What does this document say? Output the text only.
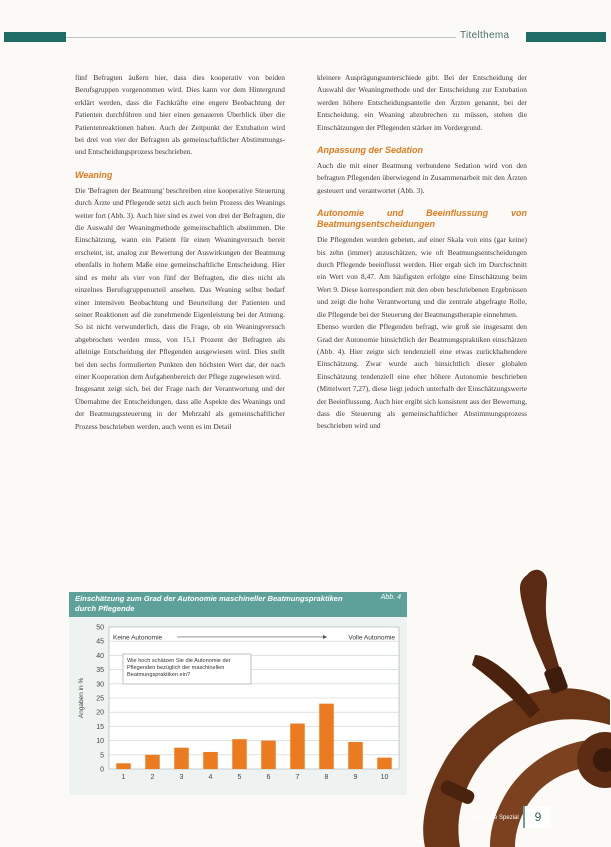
Titelthema

fünf Befragten äußern hier, dass dies kooperativ von beiden Berufsgruppen vorgenommen wird. Dies kann vor dem Hintergrund erklärt werden, dass die Fachkräfte eine engere Beobachtung der Patienten durchführen und hier einen genaueren Überblick über die Patientenreaktionen haben. Auch der Zeitpunkt der Extubation wird bei drei von vier der Befragten als gemeinschaftlicher Abstimmungs- und Entscheidungsprozess beschrieben.

Weaning

Die 'Befragten der Beatmung' beschreiben eine kooperative Steuerung durch Ärzte und Pflegende setzt sich auch beim Prozess des Weanings weiter fort (Abb. 3). Auch hier sind es zwei von drei der Befragten, die die Auswahl der Weaningmethode gemeinschaftlich abstimmen. Die Einschätzung, wann ein Patient für einen Weaningversuch bereit erscheint, ist, analog zur Bewertung der Auswirkungen der Beatmung ebenfalls in hohem Maße eine gemeinschaftliche Entscheidung. Hier sind es mehr als vier von fünf der Befragten, die dies nicht als einzelnes Berufsgruppenurteil ansehen. Das Weaning selbst bedarf einer intensiven Beobachtung und Beurteilung der Patienten und seiner Reaktionen auf die zunehmende Eigenleistung bei der Atmung. So ist nicht verwunderlich, dass die Frage, ob ein Weaningversuch abgebrochen werden muss, von 15,1 Prozent der Befragten als alleinige Entscheidung der Pflegenden ausgewiesen wird. Dies stellt bei den sechs formulierten Punkten den höchsten Wert dar, der nach einer Kooperation dem Aufgabenbereich der Pflege zugewiesen wird.

Insgesamt zeigt sich, bei der Frage nach der Verantwortung und der Übernahme der Entscheidungen, dass alle Aspekte des Weanings und der Beatmungssteuerung in der Mehrzahl als gemeinschaftlicher Prozess beschrieben werden, auch wenn es im Detail

kleinere Ausprägungsunterschiede gibt. Bei der Entscheidung der Auswahl der Weaningmethode und der Entscheidung zur Extubation werden höhere Entscheidungsanteile den Ärzten genannt, bei der Entscheidung, ein Weaning abzubrechen zu müssen, stehen die Einschätzungen der Pflegenden stärker im Vordergrund.

Anpassung der Sedation

Auch die mit einer Beatmung verbundene Sedation wird von den befragten Pflegenden überwiegend in Zusammenarbeit mit den Ärzten gesteuert und verantwortet (Abb. 3).

Autonomie und Beeinflussung von Beatmungsentscheidungen

Die Pflegenden wurden gebeten, auf einer Skala von eins (gar keine) bis zehn (immer) anzuschätzen, wie oft Beatmungsentscheidungen durch Pflegende beeinflusst werden. Hier ergab sich im Durchschnitt ein Wert von 8,47. Am häufigsten erfolgte eine Einschätzung beim Wert 9. Diese korrespondiert mit den oben beschriebenen Ergebnissen und zeigt die hohe Verantwortung und die zentrale abgefragte Rolle, die Pflegende bei der Steuerung der Beatmungstherapie einnehmen.

Ebenso wurden die Pflegenden befragt, wie groß sie insgesamt den Grad der Autonomie hinsichtlich der Beatmungspraktiken einschätzen (Abb. 4). Hier zeigte sich tendenziell eine etwas zurückhaltendere Einschätzung. Zwar wurde auch hinsichtlich dieser globalen Einschätzung tendenziell eine eher höhere Autonomie beschrieben (Mittelwert 7,27), diese liegt jedoch unterhalb der Einschätzungswerte der Beeinflussung. Auch hier ergibt sich konsistent aus der Bewertung, dass die Steuerung als gemeinschaftlicher Abstimmungsprozess beschrieben wird und

Einschätzung zum Grad der Autonomie maschineller Beatmungspraktiken durch Pflegende
Abb. 4
0
5
10
15
20
25
30
35
40
45
50
Angaben in %
1	2	3	4	5	6	7	8	9	10
Keine Autonomie	Volle Autonomie
Wie hoch schätzen Sie die Autonomie der Pflegenden bezüglich der maschinellen Beatmungspraktiken ein?
Heilberufe Spezial	9
